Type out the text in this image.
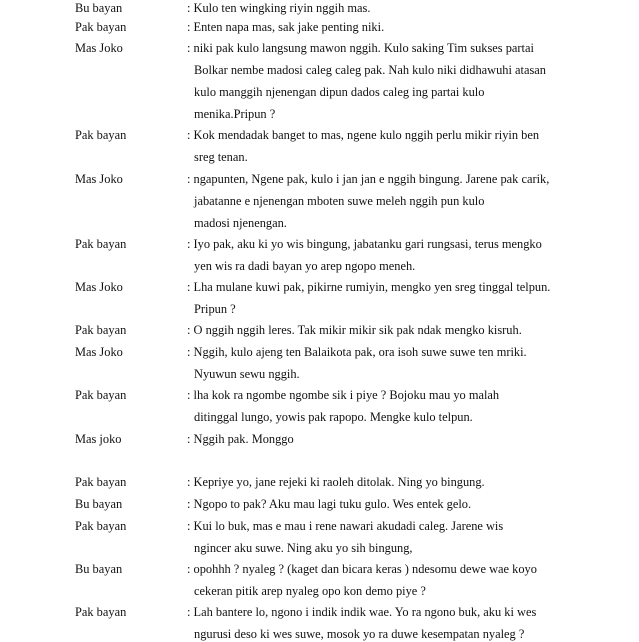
Bu bayan	: Kulo ten wingking riyin nggih mas.
Pak bayan	: Enten napa mas, sak jake penting niki.
Mas Joko	: niki pak kulo langsung mawon nggih. Kulo saking Tim sukses partai
Bolkar nembe madosi caleg caleg pak. Nah kulo niki didhawuhi atasan
kulo manggih njenengan dipun dados caleg ing partai kulo
menika.Pripun ?
Pak bayan	: Kok mendadak banget to mas, ngene kulo nggih perlu mikir riyin ben
sreg tenan.
Mas Joko	: ngapunten, Ngene pak, kulo i jan jan e nggih bingung. Jarene pak carik,
jabatanne e njenengan mboten suwe meleh nggih pun kulo
madosi njenengan.
Pak bayan	: Iyo pak, aku ki yo wis bingung, jabatanku gari rungsasi, terus mengko
yen wis ra dadi bayan yo arep ngopo meneh.
Mas Joko	: Lha mulane kuwi pak, pikirne rumiyin, mengko yen sreg tinggal telpun.
Pripun ?
Pak bayan	: O nggih nggih leres. Tak mikir mikir sik pak ndak mengko kisruh.
Mas Joko	: Nggih, kulo ajeng ten Balaikota pak, ora isoh suwe suwe ten mriki.
Nyuwun sewu nggih.
Pak bayan	: lha kok ra ngombe ngombe sik i piye ? Bojoku mau yo malah
ditinggal lungo, yowis pak rapopo. Mengke kulo telpun.
Mas joko	: Nggih pak. Monggo
Pak bayan	: Kepriye yo, jane rejeki ki raoleh ditolak. Ning yo bingung.
Bu bayan	: Ngopo to pak? Aku mau lagi tuku gulo. Wes entek gelo.
Pak bayan	: Kui lo buk, mas e mau i rene nawari akudadi caleg. Jarene wis
ngincer aku suwe. Ning aku yo sih bingung,
Bu bayan	: opohhh ? nyaleg ? (kaget dan bicara keras ) ndesomu dewe wae koyo
cekeran pitik arep nyaleg opo kon demo piye ?
Pak bayan	: Lah bantere lo, ngono i indik indik wae. Yo ra ngono buk, aku ki wes
ngurusi deso ki wes suwe, mosok yo ra duwe kesempatan nyaleg ?
